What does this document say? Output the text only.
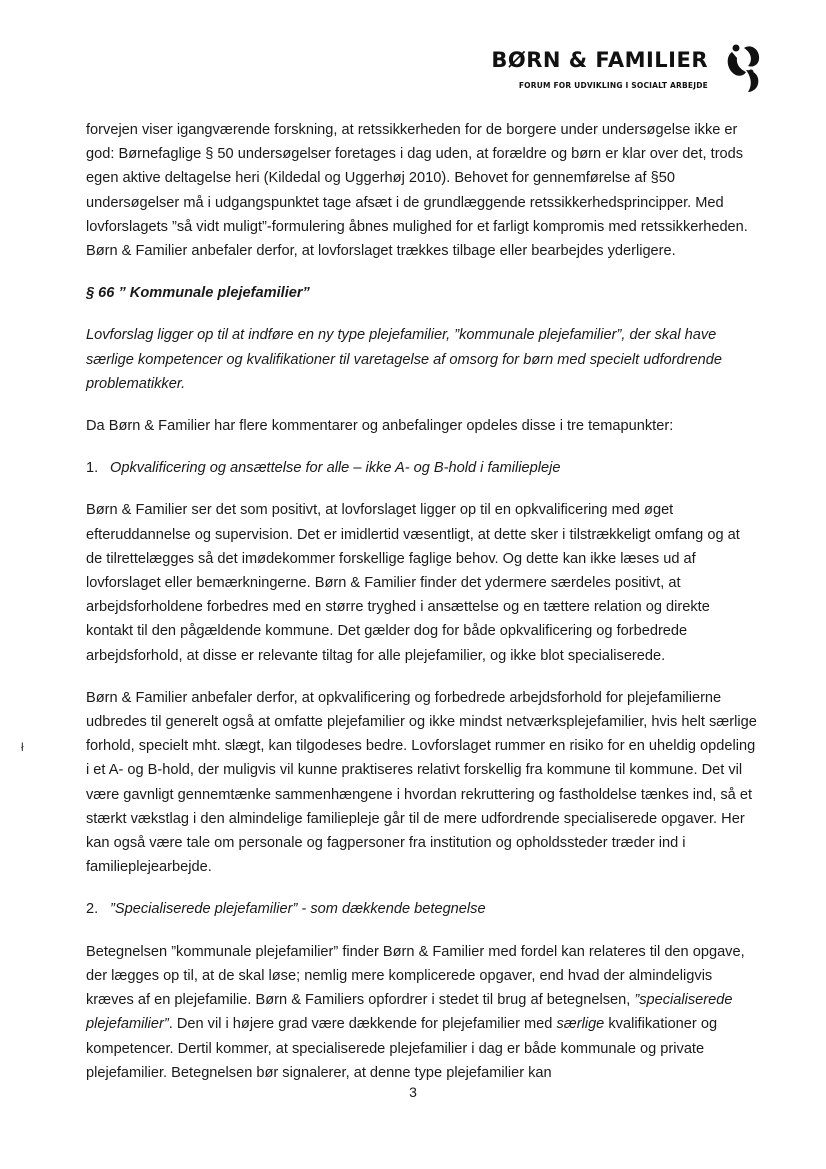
BØRN & FAMILIER
FORUM FOR UDVIKLING I SOCIALT ARBEJDE

forvejen viser igangværende forskning, at retssikkerheden for de borgere under undersøgelse ikke er god: Børnefaglige § 50 undersøgelser foretages i dag uden, at forældre og børn er klar over det, trods egen aktive deltagelse heri (Kildedal og Uggerhøj 2010). Behovet for gennemførelse af §50 undersøgelser må i udgangspunktet tage afsæt i de grundlæggende retssikkerhedsprincipper. Med lovforslagets ”så vidt muligt”-formulering åbnes mulighed for et farligt kompromis med retssikkerheden. Børn & Familier anbefaler derfor, at lovforslaget trækkes tilbage eller bearbejdes yderligere.

§ 66 ” Kommunale plejefamilier”

Lovforslag ligger op til at indføre en ny type plejefamilier, ”kommunale plejefamilier”, der skal have særlige kompetencer og kvalifikationer til varetagelse af omsorg for børn med specielt udfordrende problematikker.

Da Børn & Familier har flere kommentarer og anbefalinger opdeles disse i tre temapunkter:

1. Opkvalificering og ansættelse for alle – ikke A- og B-hold i familiepleje

Børn & Familier ser det som positivt, at lovforslaget ligger op til en opkvalificering med øget efteruddannelse og supervision. Det er imidlertid væsentligt, at dette sker i tilstrækkeligt omfang og at de tilrettelægges så det imødekommer forskellige faglige behov. Og dette kan ikke læses ud af lovforslaget eller bemærkningerne. Børn & Familier finder det ydermere særdeles positivt, at arbejdsforholdene forbedres med en større tryghed i ansættelse og en tættere relation og direkte kontakt til den pågældende kommune. Det gælder dog for både opkvalificering og forbedrede arbejdsforhold, at disse er relevante tiltag for alle plejefamilier, og ikke blot specialiserede.

Børn & Familier anbefaler derfor, at opkvalificering og forbedrede arbejdsforhold for plejefamilierne udbredes til generelt også at omfatte plejefamilier og ikke mindst netværksplejefamilier, hvis helt særlige forhold, specielt mht. slægt, kan tilgodeses bedre. Lovforslaget rummer en risiko for en uheldig opdeling i et A- og B-hold, der muligvis vil kunne praktiseres relativt forskellig fra kommune til kommune. Det vil være gavnligt gennemtænke sammenhængene i hvordan rekruttering og fastholdelse tænkes ind, så et stærkt vækstlag i den almindelige familiepleje går til de mere udfordrende specialiserede opgaver. Her kan også være tale om personale og fagpersoner fra institution og opholdssteder træder ind i familieplejearbejde.

2. ”Specialiserede plejefamilier” - som dækkende betegnelse

Betegnelsen ”kommunale plejefamilier” finder Børn & Familier med fordel kan relateres til den opgave, der lægges op til, at de skal løse; nemlig mere komplicerede opgaver, end hvad der almindeligvis kræves af en plejefamilie. Børn & Familiers opfordrer i stedet til brug af betegnelsen, ”specialiserede plejefamilier”. Den vil i højere grad være dækkende for plejefamilier med særlige kvalifikationer og kompetencer. Dertil kommer, at specialiserede plejefamilier i dag er både kommunale og private plejefamilier. Betegnelsen bør signalerer, at denne type plejefamilier kan

ł
3
